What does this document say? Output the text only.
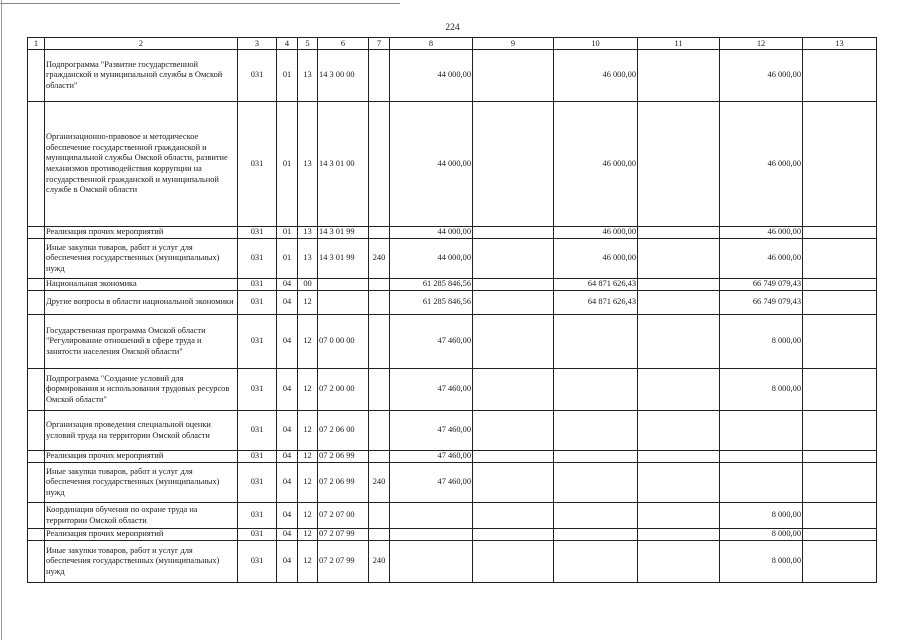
224
1	2	3	4	5	6	7	8	9	10	11	12	13
	Подпрограмма "Развитие государственной гражданской и муниципальной службы в Омской области"	031	01	13	14 3 00 00		44 000,00		46 000,00		46 000,00	
	Организационно-правовое и методическое обеспечение государственной гражданской и муниципальной службы Омской области, развитие механизмов противодействия коррупции на государственной гражданской и муниципальной службе в Омской области	031	01	13	14 3 01 00		44 000,00		46 000,00		46 000,00	
	Реализация прочих мероприятий	031	01	13	14 3 01 99		44 000,00		46 000,00		46 000,00	
	Иные закупки товаров, работ и услуг для обеспечения государственных (муниципальных) нужд	031	01	13	14 3 01 99	240	44 000,00		46 000,00		46 000,00	
	Национальная экономика	031	04	00			61 285 846,56		64 871 626,43		66 749 079,43	
	Другие вопросы в области национальной экономики	031	04	12			61 285 846,56		64 871 626,43		66 749 079,43	
	Государственная программа Омской области "Регулирование отношений в сфере труда и занятости населения Омской области"	031	04	12	07 0 00 00		47 460,00				8 000,00	
	Подпрограмма "Создание условий для формирования и использования трудовых ресурсов Омской области"	031	04	12	07 2 00 00		47 460,00				8 000,00	
	Организация проведения специальной оценки условий труда на территории Омской области	031	04	12	07 2 06 00		47 460,00					
	Реализация прочих мероприятий	031	04	12	07 2 06 99		47 460,00					
	Иные закупки товаров, работ и услуг для обеспечения государственных (муниципальных) нужд	031	04	12	07 2 06 99	240	47 460,00					
	Координация обучения по охране труда на территории Омской области	031	04	12	07 2 07 00						8 000,00	
	Реализация прочих мероприятий	031	04	12	07 2 07 99						8 000,00	
	Иные закупки товаров, работ и услуг для обеспечения государственных (муниципальных) нужд	031	04	12	07 2 07 99	240					8 000,00	
